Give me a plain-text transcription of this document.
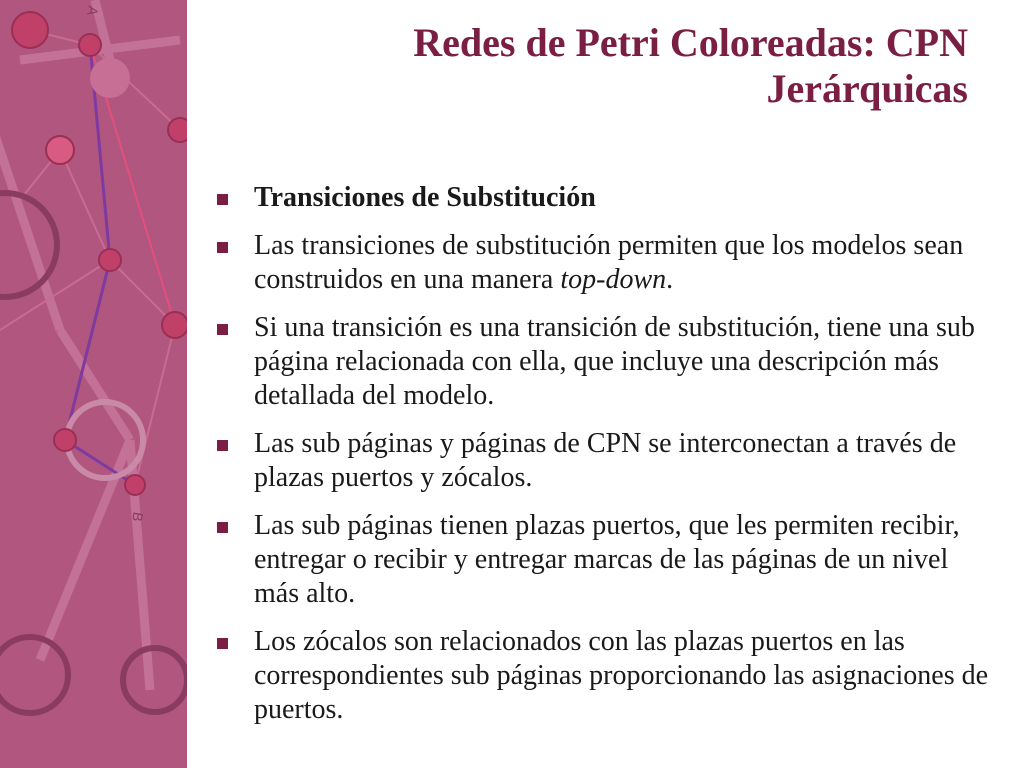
A
B
Redes de Petri Coloreadas: CPN Jerárquicas
Transiciones de Substitución
Las transiciones de substitución permiten que los modelos sean construidos en una manera top-down.
Si una transición es una transición de substitución, tiene una sub página relacionada con ella, que incluye una descripción más detallada del modelo.
Las sub páginas y páginas de CPN se interconectan a través de plazas puertos y zócalos.
Las sub páginas tienen plazas puertos, que les permiten recibir, entregar o recibir y entregar marcas de las páginas de un nivel más alto.
Los zócalos son relacionados con las plazas puertos en las correspondientes sub páginas proporcionando las asignaciones de puertos.
